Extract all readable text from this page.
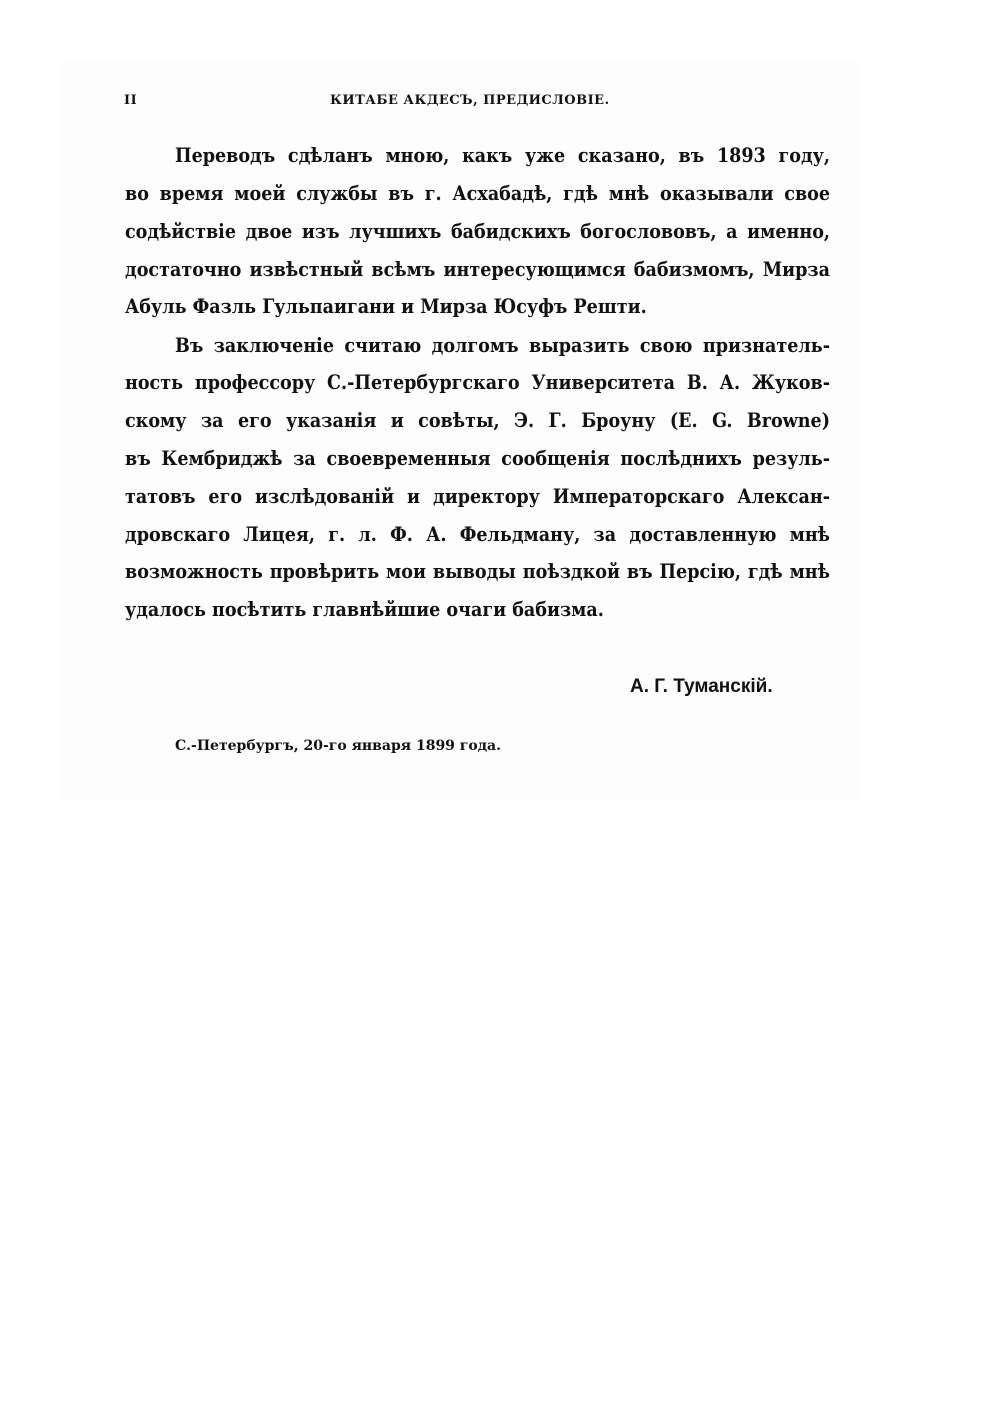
II	КИТАБЕ АКДЕСЪ, ПРЕДИСЛОВІЕ.
Переводъ сдѣланъ мною, какъ уже сказано, въ 1893 году,
во время моей службы въ г. Асхабадѣ, гдѣ мнѣ оказывали свое
содѣйствіе двое изъ лучшихъ бабидскихъ богослововъ, а именно,
достаточно извѣстный всѣмъ интересующимся бабизмомъ, Мирза
Абуль Фазль Гульпаигани и Мирза Юсуфъ Решти.
Въ заключеніе считаю долгомъ выразить свою признатель-
ность профессору С.-Петербургскаго Университета В. А. Жуков-
скому за его указанія и совѣты, Э. Г. Броуну (E. G. Browne)
въ Кембриджѣ за своевременныя сообщенія послѣднихъ резуль-
татовъ его изслѣдованій и директору Императорскаго Алексан-
дровскаго Лицея, г. л. Ф. А. Фельдману, за доставленную мнѣ
возможность провѣрить мои выводы поѣздкой въ Персію, гдѣ мнѣ
удалось посѣтить главнѣйшие очаги бабизма.
А. Г. Туманскій.
С.-Петербургъ, 20-го января 1899 года.
